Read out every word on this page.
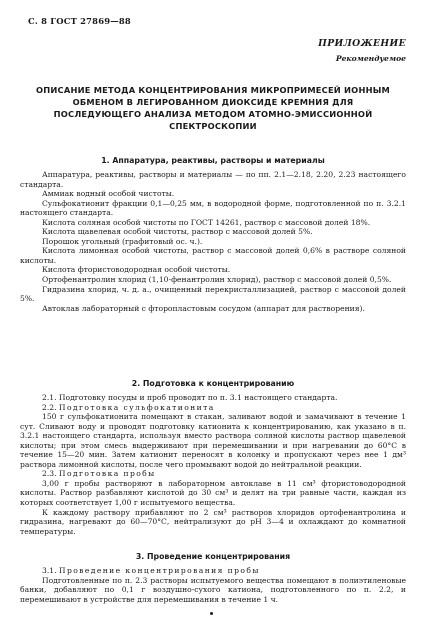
С. 8 ГОСТ 27869—88
ПРИЛОЖЕНИЕ
Рекомендуемое
ОПИСАНИЕ МЕТОДА КОНЦЕНТРИРОВАНИЯ МИКРОПРИМЕСЕЙ ИОННЫМ ОБМЕНОМ В ЛЕГИРОВАННОМ ДИОКСИДЕ КРЕМНИЯ ДЛЯ ПОСЛЕДУЮЩЕГО АНАЛИЗА МЕТОДОМ АТОМНО-ЭМИССИОННОЙ СПЕКТРОСКОПИИ
1. Аппаратура, реактивы, растворы и материалы
Аппаратура, реактивы, растворы и материалы — по пп. 2.1—2.18, 2.20, 2.23 настоящего стандарта.
Аммиак водный особой чистоты.
Сульфокатионит фракции 0,1—0,25 мм, в водородной форме, подготовленной по п. 3.2.1 настоящего стандарта.
Кислота соляная особой чистоты по ГОСТ 14261, раствор с массовой долей 18%.
Кислота щавелевая особой чистоты, раствор с массовой долей 5%.
Порошок угольный (графитовый ос. ч.).
Кислота лимонная особой чистоты, раствор с массовой долей 0,6% в растворе соляной кислоты.
Кислота фтористоводородная особой чистоты.
Ортофенантролин хлорид (1,10-фенантролин хлорид), раствор с массовой долей 0,5%.
Гидразина хлорид, ч. д. а., очищенный перекристаллизацией, раствор с массовой долей 5%.
Автоклав лабораторный с фторопластовым сосудом (аппарат для растворения).
2. Подготовка к концентрированию
2.1. Подготовку посуды и проб проводят по п. 3.1 настоящего стандарта.
2.2. Подготовка сульфокатионита
150 г сульфокатионита помещают в стакан, заливают водой и замачивают в течение 1 сут. Сливают воду и проводят подготовку катионита к концентрированию, как указано в п. 3.2.1 настоящего стандарта, используя вместо раствора соляной кислоты раствор щавелевой кислоты; при этом смесь выдерживают при перемешивании и при нагревании до 60°С в течение 15—20 мин. Затем катионит переносят в колонку и пропускают через нее 1 дм³ раствора лимонной кислоты, после чего промывают водой до нейтральной реакции.
2.3. Подготовка пробы
3,00 г пробы растворяют в лабораторном автоклаве в 11 см³ фтористоводородной кислоты. Раствор разбавляют кислотой до 30 см³ и делят на три равные части, каждая из которых соответствует 1,00 г испытуемого вещества.
К каждому раствору прибавляют по 2 см³ растворов хлоридов ортофенантролина и гидразина, нагревают до 60—70°С, нейтрализуют до рН 3—4 и охлаждают до комнатной температуры.
3. Проведение концентрирования
3.1. Проведение концентрирования пробы
Подготовленные по п. 2.3 растворы испытуемого вещества помещают в полиэтиленовые банки, добавляют по 0,1 г воздушно-сухого катиона, подготовленного по п. 2.2, и перемешивают в устройстве для перемешивания в течение 1 ч.
